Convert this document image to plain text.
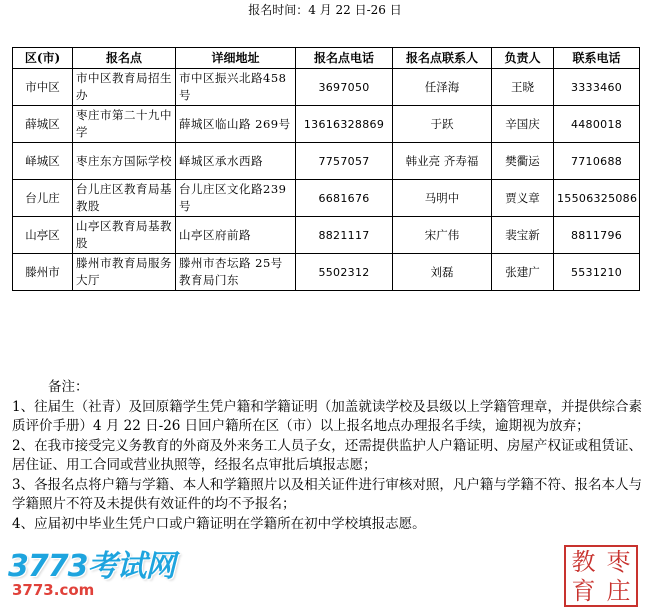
报名时间：4 月 22 日-26 日
区(市)	报名点	详细地址	报名点电话	报名点联系人	负责人	联系电话
市中区	市中区教育局招生办	市中区振兴北路458 号	3697050	任泽海	王晓	3333460
薛城区	枣庄市第二十九中学	薛城区临山路 269号	13616328869	于跃	辛国庆	4480018
峄城区	枣庄东方国际学校	峄城区承水西路	7757057	韩业亮 齐寿福	樊衢运	7710688
台儿庄	台儿庄区教育局基教股	台儿庄区文化路239 号	6681676	马明中	贾义章	15506325086
山亭区	山亭区教育局基教股	山亭区府前路	8821117	宋广伟	裴宝新	8811796
滕州市	滕州市教育局服务大厅	滕州市杏坛路 25号教育局门东	5502312	刘磊	张建广	5531210

备注：

1、往届生（社青）及回原籍学生凭户籍和学籍证明（加盖就读学校及县级以上学籍管理章，并提供综合素质评价手册）4 月 22 日-26 日回户籍所在区（市）以上报名地点办理报名手续，逾期视为放弃；

2、在我市接受完义务教育的外商及外来务工人员子女，还需提供监护人户籍证明、房屋产权证或租赁证、居住证、用工合同或营业执照等，经报名点审批后填报志愿；

3、各报名点将户籍与学籍、本人和学籍照片以及相关证件进行审核对照，凡户籍与学籍不符、报名本人与学籍照片不符及未提供有效证件的均不予报名；

4、应届初中毕业生凭户口或户籍证明在学籍所在初中学校填报志愿。

3773考试网
3773.com
教 枣
育 庄
